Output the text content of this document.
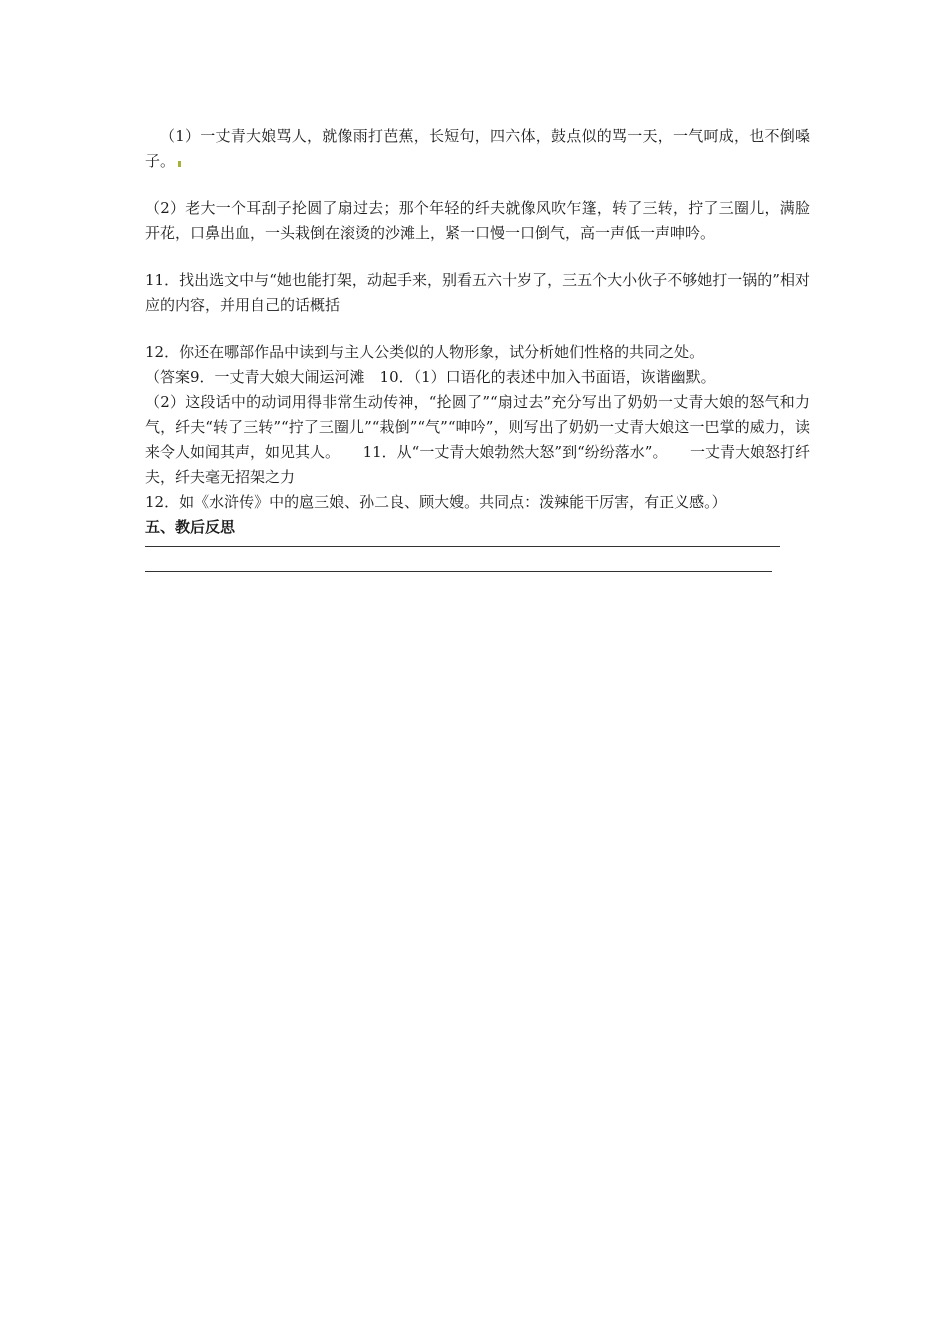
（1）一丈青大娘骂人，就像雨打芭蕉，长短句，四六体，鼓点似的骂一天，一气呵成，也不倒嗓子。

（2）老大一个耳刮子抡圆了扇过去；那个年轻的纤夫就像风吹乍篷，转了三转，拧了三圈儿，满脸开花，口鼻出血，一头栽倒在滚烫的沙滩上，紧一口慢一口倒气，高一声低一声呻吟。

11．找出选文中与“她也能打架，动起手来，别看五六十岁了，三五个大小伙子不够她打一锅的”相对应的内容，并用自己的话概括

12．你还在哪部作品中读到与主人公类似的人物形象，试分析她们性格的共同之处。

（答案9．一丈青大娘大闹运河滩　10．（1）口语化的表述中加入书面语，诙谐幽默。

（2）这段话中的动词用得非常生动传神，“抡圆了”“扇过去”充分写出了奶奶一丈青大娘的怒气和力气，纤夫“转了三转”“拧了三圈儿”“栽倒”“气”“呻吟”，则写出了奶奶一丈青大娘这一巴掌的威力，读来令人如闻其声，如见其人。　　11．从“一丈青大娘勃然大怒”到“纷纷落水”。　　一丈青大娘怒打纤夫，纤夫毫无招架之力

12．如《水浒传》中的扈三娘、孙二良、顾大嫂。共同点：泼辣能干厉害，有正义感。）

五、教后反思
